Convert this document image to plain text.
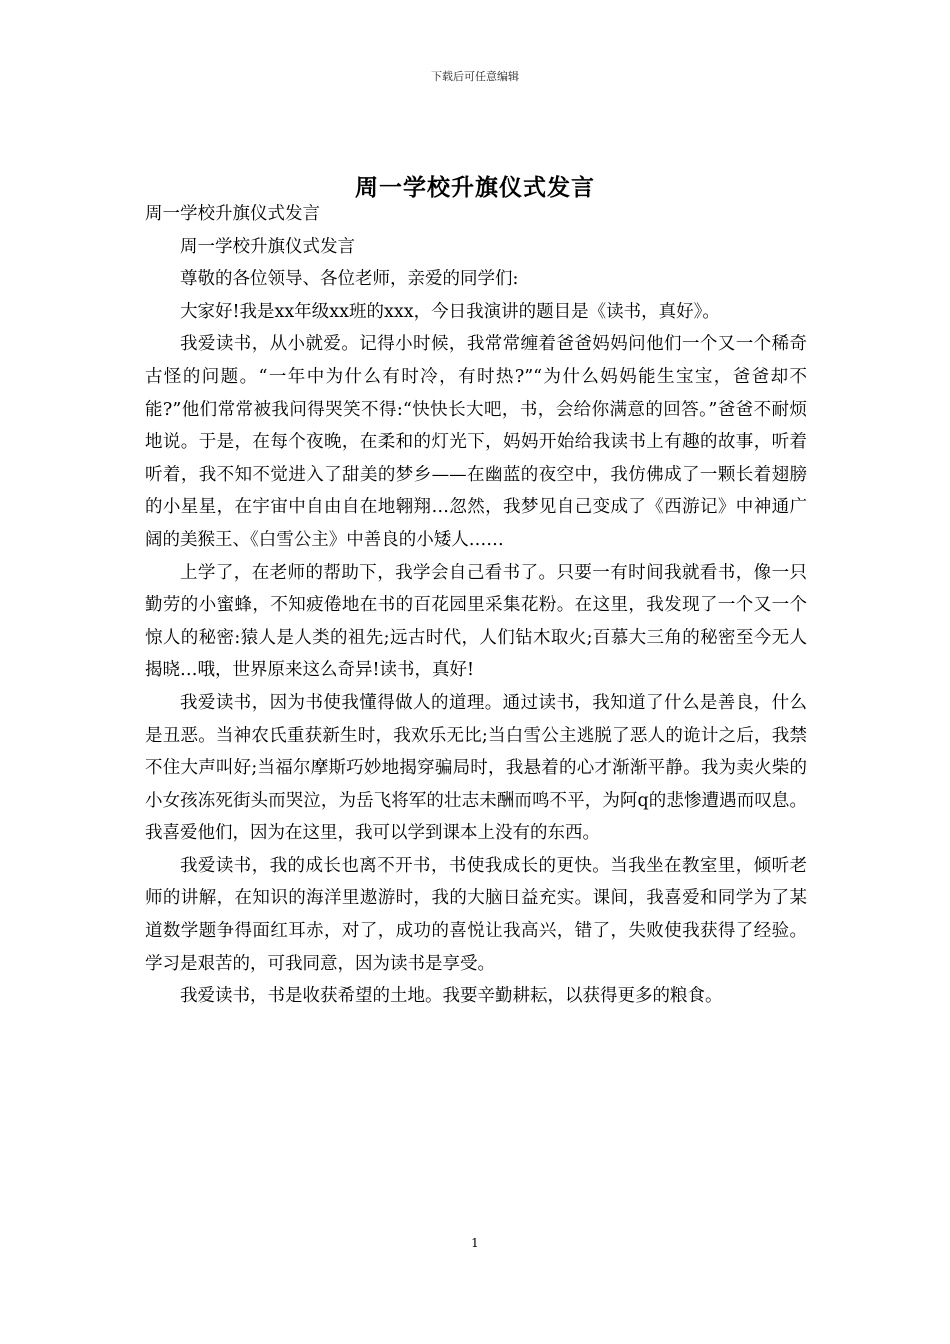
下载后可任意编辑
周一学校升旗仪式发言

周一学校升旗仪式发言

周一学校升旗仪式发言

尊敬的各位领导、各位老师，亲爱的同学们:

大家好!我是xx年级xx班的xxx，今日我演讲的题目是《读书，真好》。

我爱读书，从小就爱。记得小时候，我常常缠着爸爸妈妈问他们一个又一个稀奇古怪的问题。“一年中为什么有时冷，有时热?”“为什么妈妈能生宝宝，爸爸却不能?”他们常常被我问得哭笑不得:“快快长大吧，书，会给你满意的回答。”爸爸不耐烦地说。于是，在每个夜晚，在柔和的灯光下，妈妈开始给我读书上有趣的故事，听着听着，我不知不觉进入了甜美的梦乡——在幽蓝的夜空中，我仿佛成了一颗长着翅膀的小星星，在宇宙中自由自在地翱翔…忽然，我梦见自己变成了《西游记》中神通广阔的美猴王、《白雪公主》中善良的小矮人……

上学了，在老师的帮助下，我学会自己看书了。只要一有时间我就看书，像一只勤劳的小蜜蜂，不知疲倦地在书的百花园里采集花粉。在这里，我发现了一个又一个惊人的秘密:猿人是人类的祖先;远古时代，人们钻木取火;百慕大三角的秘密至今无人揭晓…哦，世界原来这么奇异!读书，真好!

我爱读书，因为书使我懂得做人的道理。通过读书，我知道了什么是善良，什么是丑恶。当神农氏重获新生时，我欢乐无比;当白雪公主逃脱了恶人的诡计之后，我禁不住大声叫好;当福尔摩斯巧妙地揭穿骗局时，我悬着的心才渐渐平静。我为卖火柴的小女孩冻死街头而哭泣，为岳飞将军的壮志未酬而鸣不平，为阿q的悲惨遭遇而叹息。我喜爱他们，因为在这里，我可以学到课本上没有的东西。

我爱读书，我的成长也离不开书，书使我成长的更快。当我坐在教室里，倾听老师的讲解，在知识的海洋里遨游时，我的大脑日益充实。课间，我喜爱和同学为了某道数学题争得面红耳赤，对了，成功的喜悦让我高兴，错了，失败使我获得了经验。学习是艰苦的，可我同意，因为读书是享受。

我爱读书，书是收获希望的土地。我要辛勤耕耘，以获得更多的粮食。

1
